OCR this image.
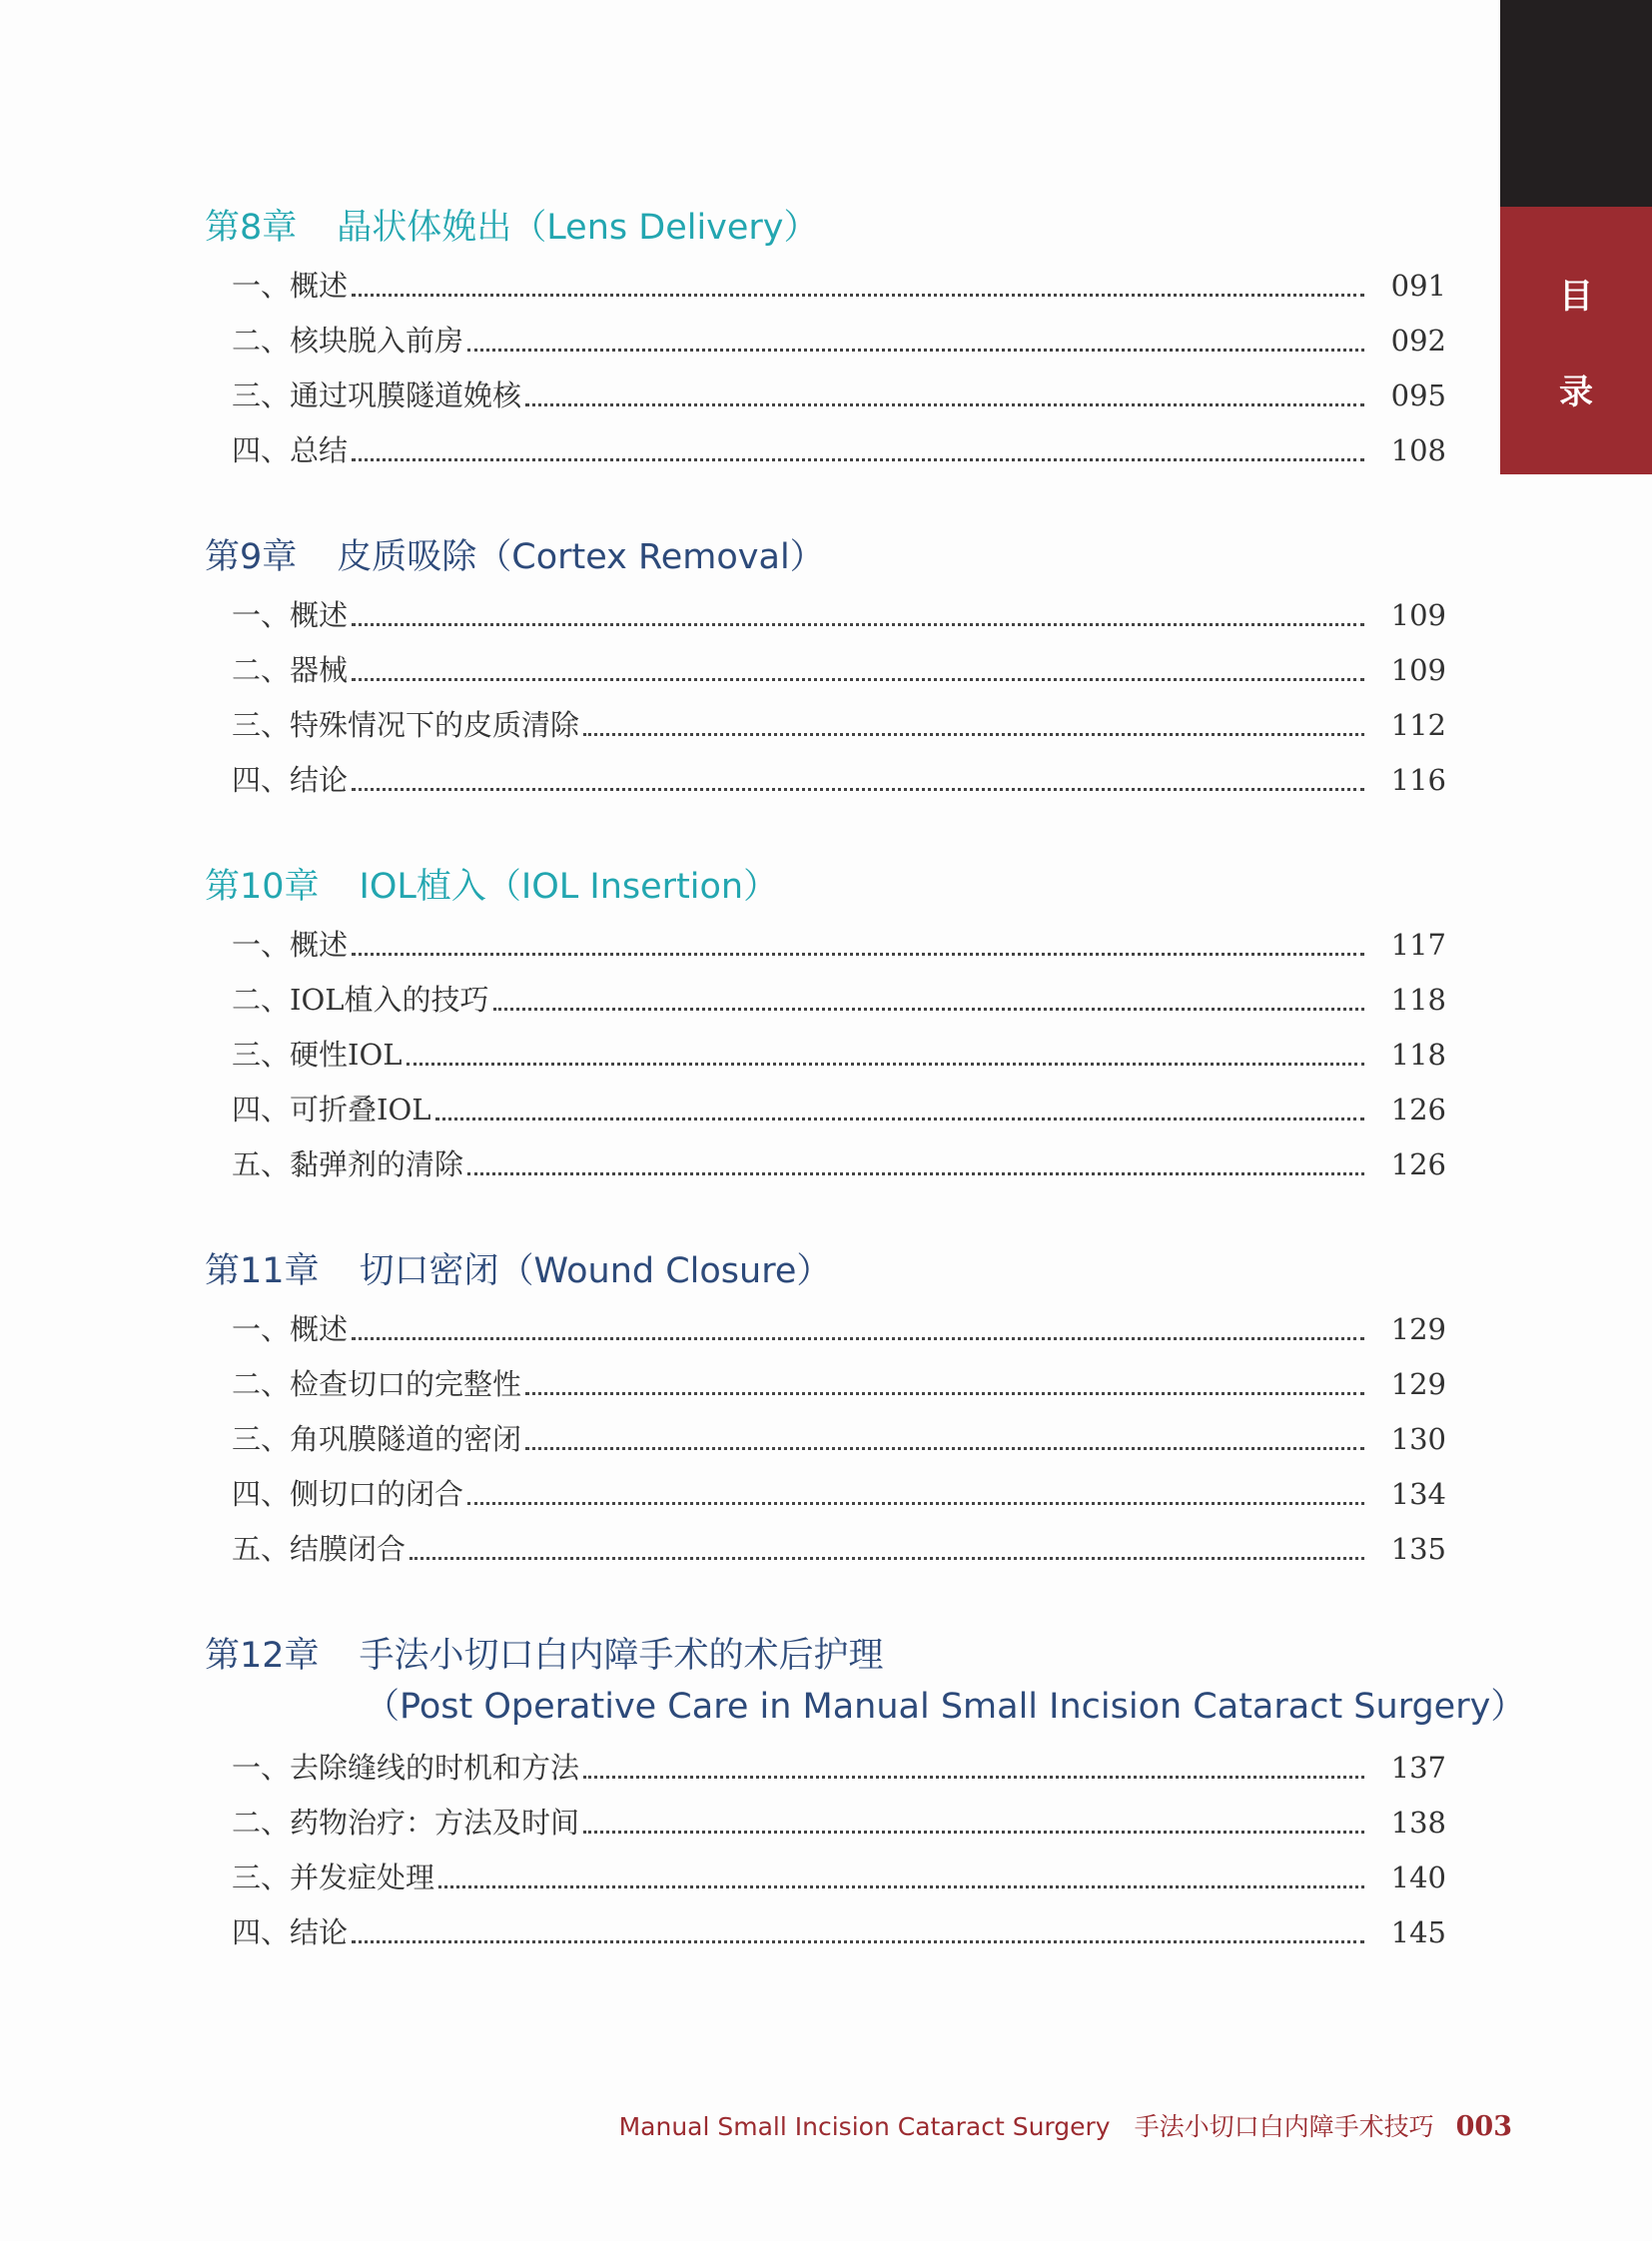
目
录
第8章 晶状体娩出（Lens Delivery）
一、概述	091
二、核块脱入前房	092
三、通过巩膜隧道娩核	095
四、总结	108
第9章 皮质吸除（Cortex Removal）
一、概述	109
二、器械	109
三、特殊情况下的皮质清除	112
四、结论	116
第10章 IOL植入（IOL Insertion）
一、概述	117
二、IOL植入的技巧	118
三、硬性IOL	118
四、可折叠IOL	126
五、黏弹剂的清除	126
第11章 切口密闭（Wound Closure）
一、概述	129
二、检查切口的完整性	129
三、角巩膜隧道的密闭	130
四、侧切口的闭合	134
五、结膜闭合	135
第12章 手法小切口白内障手术的术后护理
（Post Operative Care in Manual Small Incision Cataract Surgery）
一、去除缝线的时机和方法	137
二、药物治疗：方法及时间	138
三、并发症处理	140
四、结论	145
Manual Small Incision Cataract Surgery 手法小切口白内障手术技巧 003
